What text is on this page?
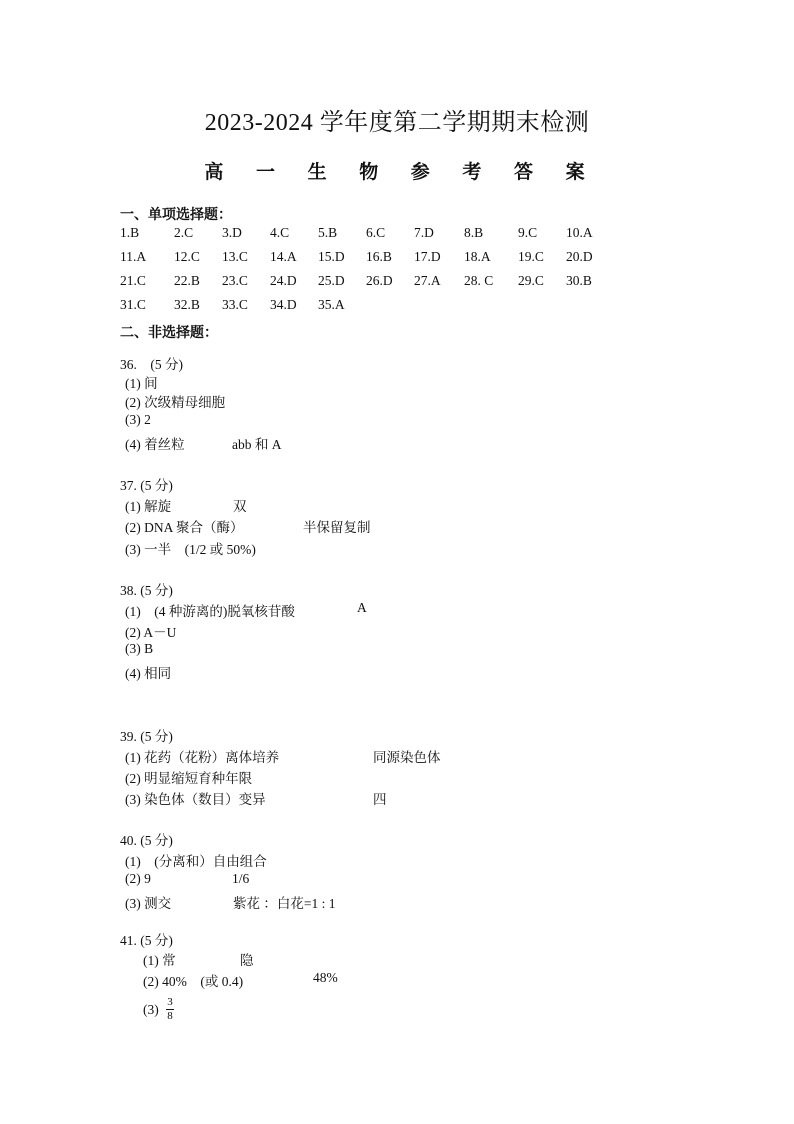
2023-2024 学年度第二学期期末检测
高 一 生 物 参 考 答 案
一、单项选择题：
1.B	2.C 3.D 4.C 5.B 6.C 7.D 8.B	9.C 10.A
11.A 12.C 13.C 14.A 15.D 16.B 17.D 18.A 19.C 20.D
21.C 22.B 23.C 24.D 25.D 26.D 27.A 28. C 29.C 30.B
31.C 32.B 33.C 34.D 35.A
二、非选择题：
36.　(5 分)
(1) 间
(2) 次级精母细胞
(3) 2
(4) 着丝粒	abb 和 A
37. (5 分)
(1) 解旋	双
(2) DNA 聚合（酶）	半保留复制
(3) 一半　(1/2 或 50%)
38. (5 分)
(1)　(4 种游离的)脱氧核苷酸	A
(2) A－U
(3) B
(4) 相同
39. (5 分)
(1) 花药（花粉）离体培养	同源染色体
(2) 明显缩短育种年限
(3) 染色体（数目）变异	四
40. (5 分)
(1)　(分离和）自由组合
(2) 9	1/6
(3) 测交	紫花 ：白花=1 : 1
41. (5 分)
(1) 常	隐
(2) 40%　(或 0.4)	48%
(3) 3
8
